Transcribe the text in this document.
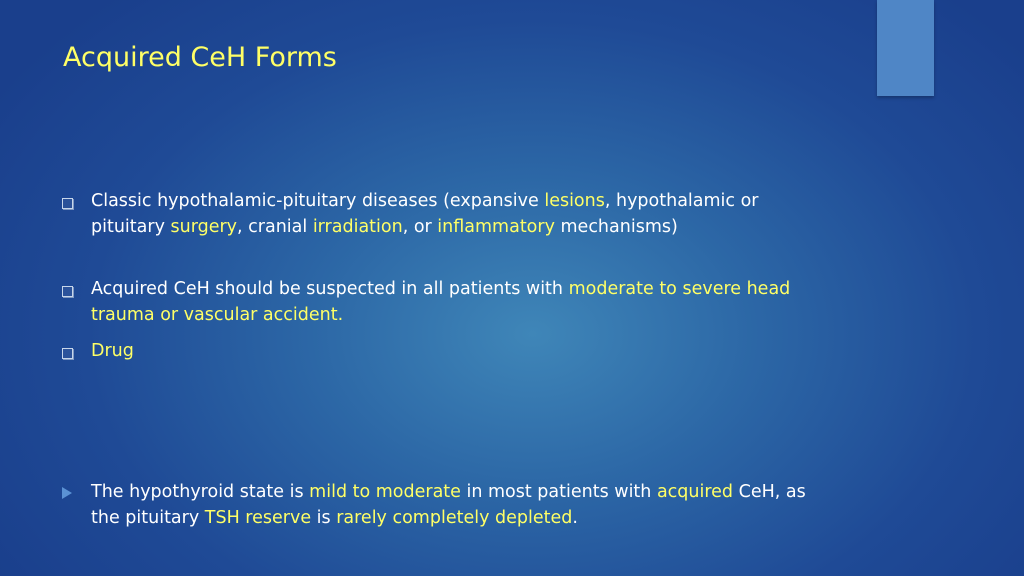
Acquired CeH Forms

Classic hypothalamic-pituitary diseases (expansive lesions, hypothalamic or pituitary surgery, cranial irradiation, or inflammatory mechanisms)

Acquired CeH should be suspected in all patients with moderate to severe head trauma or vascular accident.

Drug

The hypothyroid state is mild to moderate in most patients with acquired CeH, as the pituitary TSH reserve is rarely completely depleted.
